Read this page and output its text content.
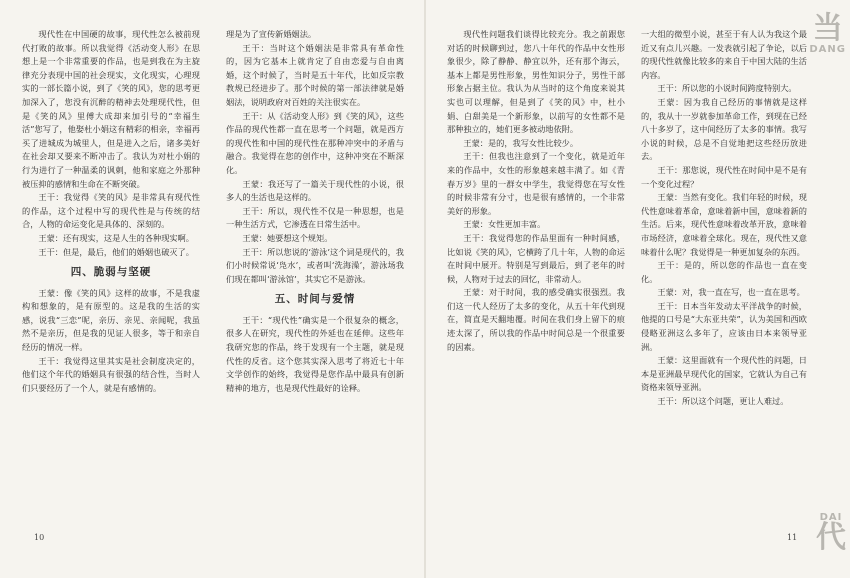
现代性在中国硬的故事，现代性怎么被前现代打败的故事。所以我觉得《活动变人形》在思想上是一个非常重要的作品，也是到我在为主旋律充分表现中国的社会现实，文化现实，心理现实的一部长篇小说，到了《笑的风》，您的思考更加深入了，您没有沉醉的精神去处理现代性，但是《笑的风》里傅大成却来加引号的“幸福生活”您写了，他娶杜小娟这有精彩的相亲，幸福再买了进城成为城里人，但是进入之后，诸多美好在社会却又要来不断冲击了。我认为对杜小娟的行为进行了一种温柔的讽刺，他和家庭之外那种被压抑的感情和生命在不断突破。

王干：我觉得《笑的风》是非常具有现代性的作品，这个过程中写的现代性是与传统的结合，人物的命运变化是具体的、深刻的。

王蒙：还有现实，这是人生的各种现实啊。

王干：但是，最后，他们的婚姻也破灭了。

四、脆弱与坚硬

王蒙：像《笑的风》这样的故事，不是我虚构和想象的，是有原型的。这是我的生活的实感，说我“三恋”呢，亲历、亲见、亲闻呢，我虽然不是亲历，但是我的见证人很多，等于和亲自经历的情况一样。

王干：我觉得这里其实是社会制度决定的，他们这个年代的婚姻具有很强的结合性，当时人们只要经历了一个人，就是有感情的。

理是为了宣传新婚姻法。

王干：当时这个婚姻法是非常具有革命性的，因为它基本上就肯定了自由恋爱与自由离婚，这个时候了，当时是五十年代，比如反宗教教规已经进步了。那个时候的第一部法律就是婚姻法，说明政府对百姓的关注很实在。

王干：从《活动变人形》到《笑的风》，这些作品的现代性都一直在思考一个问题，就是西方的现代性和中国的现代性在那种冲突中的矛盾与融合。我觉得在您的创作中，这种冲突在不断深化。

王蒙：我还写了一篇关于现代性的小说，很多人的生活也是这样的。

王干：所以，现代性不仅是一种思想，也是一种生活方式，它渗透在日常生活中。

王蒙：她要想这个规矩。

王干：所以您说的‘游泳’这个词是现代的，我们小时候常说‘凫水’，或者叫‘洗海澡’，游泳场我们现在都叫‘游泳馆’，其实它不是游泳。

五、时间与爱情

王干：“现代性”确实是一个很复杂的概念，很多人在研究，现代性的外延也在延伸。这些年我研究您的作品，终于发现有一个主题，就是现代性的反省。这个您其实深入思考了将近七十年文学创作的始终，我觉得是您作品中最具有创新精神的地方，也是现代性最好的诠释。

10

现代性问题我们谈得比较充分。我之前跟您对话的时候聊到过，您八十年代的作品中女性形象很少，除了静静、静宜以外，还有那个海云，基本上都是男性形象，男性知识分子，男性干部形象占据主位。我认为从当时的这个角度来说其实也可以理解，但是到了《笑的风》中，杜小娟、白甜美是一个新形象，以前写的女性都不是那种独立的，她们更多被动地依附。

王蒙：是的，我写女性比较少。

王干：但我也注意到了一个变化，就是近年来的作品中，女性的形象越来越丰满了。如《青春万岁》里的一群女中学生，我觉得您在写女性的时候非常有分寸，也是很有感情的，一个非常美好的形象。

王蒙：女性更加丰富。

王干：我觉得您的作品里面有一种时间感，比如说《笑的风》，它横跨了几十年，人物的命运在时间中展开。特别是写到最后，到了老年的时候，人物对于过去的回忆，非常动人。

王蒙：对于时间，我的感受确实很强烈。我们这一代人经历了太多的变化，从五十年代到现在，简直是天翻地覆。时间在我们身上留下的痕迹太深了，所以我的作品中时间总是一个很重要的因素。

一大组的微型小说，甚至于有人认为我这个最近又有点儿兴趣。一发表就引起了争论，以后的现代性就像比较多的来自于中国大陆的生活内容。

王干：所以您的小说时间跨度特别大。

王蒙：因为我自己经历的事情就是这样的，我从十一岁就参加革命工作，到现在已经八十多岁了，这中间经历了太多的事情。我写小说的时候，总是不自觉地把这些经历放进去。

王干：那您说，现代性在时间中是不是有一个变化过程？

王蒙：当然有变化。我们年轻的时候，现代性意味着革命，意味着新中国，意味着新的生活。后来，现代性意味着改革开放，意味着市场经济，意味着全球化。现在，现代性又意味着什么呢？我觉得是一种更加复杂的东西。

王干：是的，所以您的作品也一直在变化。

王蒙：对，我一直在写，也一直在思考。

王干：日本当年发动太平洋战争的时候，他提的口号是“大东亚共荣”，认为美国和西欧侵略亚洲这么多年了，应该由日本来领导亚洲。

王蒙：这里面就有一个现代性的问题，日本是亚洲最早现代化的国家，它就认为自己有资格来领导亚洲。

王干：所以这个问题，更让人难过。

当
DANG
DAI
代
11
